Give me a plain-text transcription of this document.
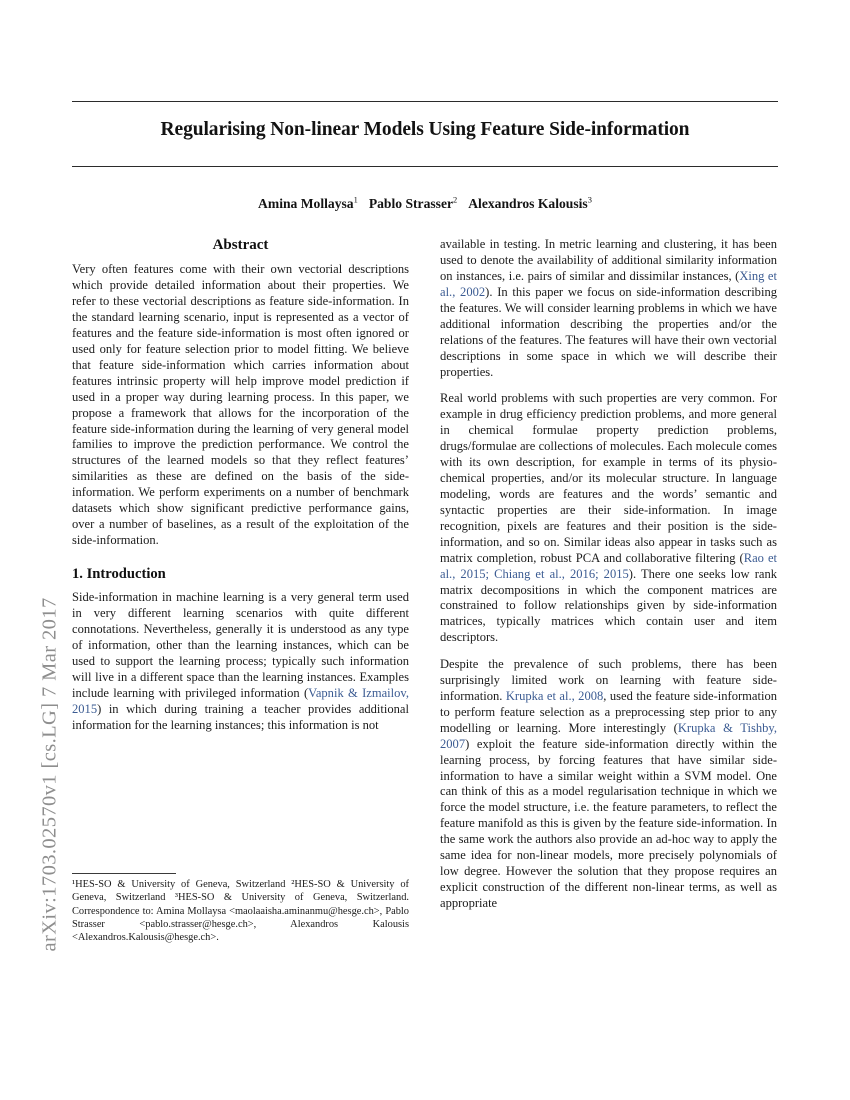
arXiv:1703.02570v1 [cs.LG] 7 Mar 2017
Regularising Non-linear Models Using Feature Side-information
Amina Mollaysa$^1$ Pablo Strasser$^2$ Alexandros Kalousis$^3$
Abstract

Very often features come with their own vectorial descriptions which provide detailed information about their properties. We refer to these vectorial descriptions as feature side-information. In the standard learning scenario, input is represented as a vector of features and the feature side-information is most often ignored or used only for feature selection prior to model fitting. We believe that feature side-information which carries information about features intrinsic property will help improve model prediction if used in a proper way during learning process. In this paper, we propose a framework that allows for the incorporation of the feature side-information during the learning of very general model families to improve the prediction performance. We control the structures of the learned models so that they reflect features’ similarities as these are defined on the basis of the side-information. We perform experiments on a number of benchmark datasets which show significant predictive performance gains, over a number of baselines, as a result of the exploitation of the side-information.

1. Introduction

Side-information in machine learning is a very general term used in very different learning scenarios with quite different connotations. Nevertheless, generally it is understood as any type of information, other than the learning instances, which can be used to support the learning process; typically such information will live in a different space than the learning instances. Examples include learning with privileged information (Vapnik & Izmailov, 2015) in which during training a teacher provides additional information for the learning instances; this information is not

¹HES-SO & University of Geneva, Switzerland ²HES-SO & University of Geneva, Switzerland ³HES-SO & University of Geneva, Switzerland. Correspondence to: Amina Mollaysa <maolaaisha.aminanmu@hesge.ch>, Pablo Strasser <pablo.strasser@hesge.ch>, Alexandros Kalousis <Alexandros.Kalousis@hesge.ch>.

available in testing. In metric learning and clustering, it has been used to denote the availability of additional similarity information on instances, i.e. pairs of similar and dissimilar instances, (Xing et al., 2002). In this paper we focus on side-information describing the features. We will consider learning problems in which we have additional information describing the properties and/or the relations of the features. The features will have their own vectorial descriptions in some space in which we will describe their properties.

Real world problems with such properties are very common. For example in drug efficiency prediction problems, and more general in chemical formulae property prediction problems, drugs/formulae are collections of molecules. Each molecule comes with its own description, for example in terms of its physio-chemical properties, and/or its molecular structure. In language modeling, words are features and the words’ semantic and syntactic properties are their side-information. In image recognition, pixels are features and their position is the side-information, and so on. Similar ideas also appear in tasks such as matrix completion, robust PCA and collaborative filtering (Rao et al., 2015; Chiang et al., 2016; 2015). There one seeks low rank matrix decompositions in which the component matrices are constrained to follow relationships given by side-information matrices, typically matrices which contain user and item descriptors.

Despite the prevalence of such problems, there has been surprisingly limited work on learning with feature side-information. Krupka et al., 2008, used the feature side-information to perform feature selection as a preprocessing step prior to any modelling or learning. More interestingly (Krupka & Tishby, 2007) exploit the feature side-information directly within the learning process, by forcing features that have similar side-information to have a similar weight within a SVM model. One can think of this as a model regularisation technique in which we force the model structure, i.e. the feature parameters, to reflect the feature manifold as this is given by the feature side-information. In the same work the authors also provide an ad-hoc way to apply the same idea for non-linear models, more precisely polynomials of low degree. However the solution that they propose requires an explicit construction of the different non-linear terms, as well as appropriate
